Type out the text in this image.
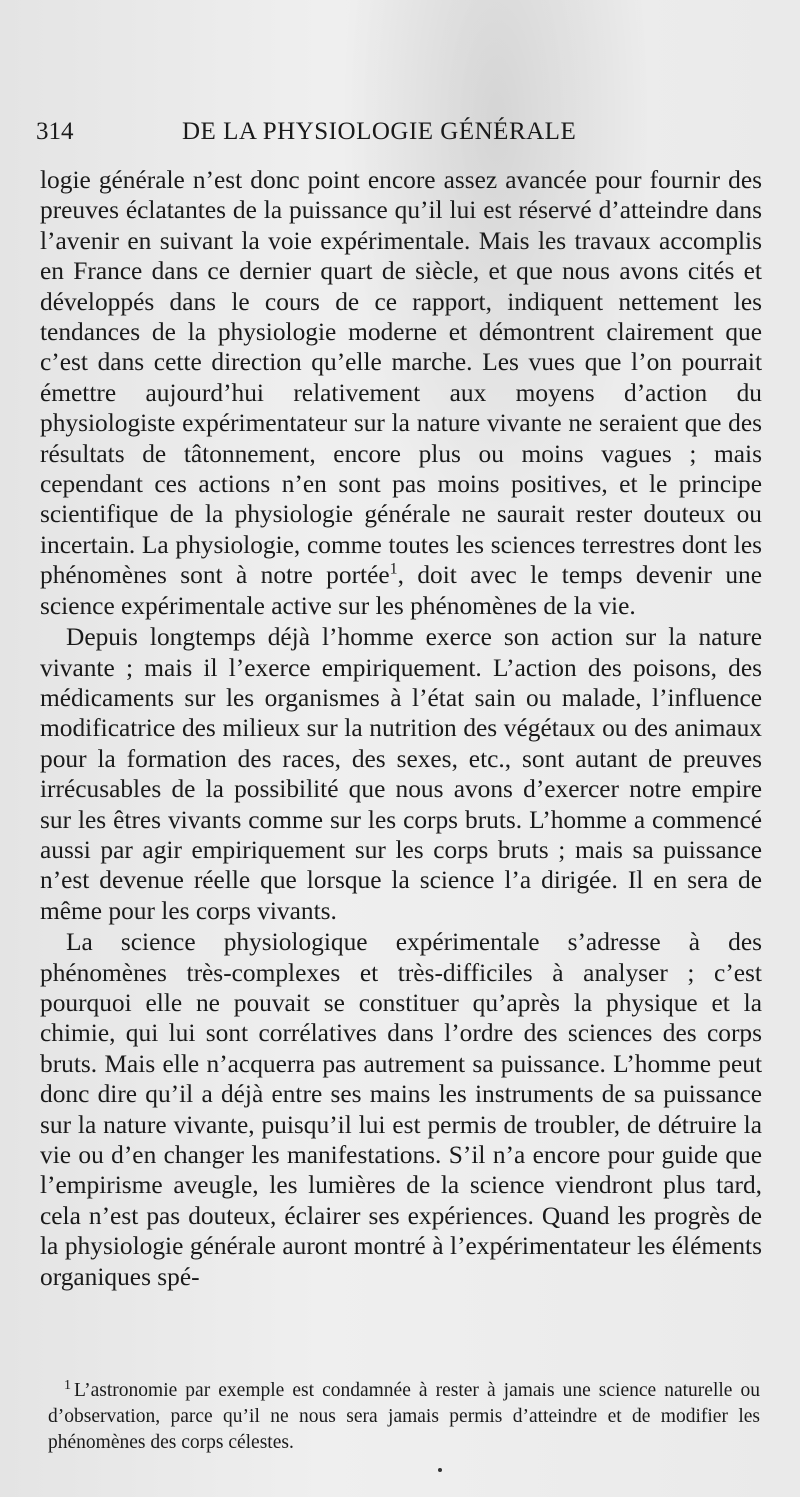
314	DE LA PHYSIOLOGIE GÉNÉRALE

logie générale n’est donc point encore assez avancée pour fournir des preuves éclatantes de la puissance qu’il lui est réservé d’atteindre dans l’avenir en suivant la voie expérimentale. Mais les travaux accomplis en France dans ce dernier quart de siècle, et que nous avons cités et développés dans le cours de ce rapport, indiquent nettement les tendances de la physiologie moderne et démontrent clairement que c’est dans cette direction qu’elle marche. Les vues que l’on pourrait émettre aujourd’hui relativement aux moyens d’action du physiologiste expérimentateur sur la nature vivante ne seraient que des résultats de tâtonnement, encore plus ou moins vagues ; mais cependant ces actions n’en sont pas moins positives, et le principe scientifique de la physiologie générale ne saurait rester douteux ou incertain. La physiologie, comme toutes les sciences terrestres dont les phénomènes sont à notre portée$^1$, doit avec le temps devenir une science expérimentale active sur les phénomènes de la vie.

Depuis longtemps déjà l’homme exerce son action sur la nature vivante ; mais il l’exerce empiriquement. L’action des poisons, des médicaments sur les organismes à l’état sain ou malade, l’influence modificatrice des milieux sur la nutrition des végétaux ou des animaux pour la formation des races, des sexes, etc., sont autant de preuves irrécusables de la possibilité que nous avons d’exercer notre empire sur les êtres vivants comme sur les corps bruts. L’homme a commencé aussi par agir empiriquement sur les corps bruts ; mais sa puissance n’est devenue réelle que lorsque la science l’a dirigée. Il en sera de même pour les corps vivants.

La science physiologique expérimentale s’adresse à des phénomènes très-complexes et très-difficiles à analyser ; c’est pourquoi elle ne pouvait se constituer qu’après la physique et la chimie, qui lui sont corrélatives dans l’ordre des sciences des corps bruts. Mais elle n’acquerra pas autrement sa puissance. L’homme peut donc dire qu’il a déjà entre ses mains les instruments de sa puissance sur la nature vivante, puisqu’il lui est permis de troubler, de détruire la vie ou d’en changer les manifestations. S’il n’a encore pour guide que l’empirisme aveugle, les lumières de la science viendront plus tard, cela n’est pas douteux, éclairer ses expériences. Quand les progrès de la physiologie générale auront montré à l’expérimentateur les éléments organiques spé-

$^1$ L’astronomie par exemple est condamnée à rester à jamais une science naturelle ou d’observation, parce qu’il ne nous sera jamais permis d’atteindre et de modifier les phénomènes des corps célestes.
